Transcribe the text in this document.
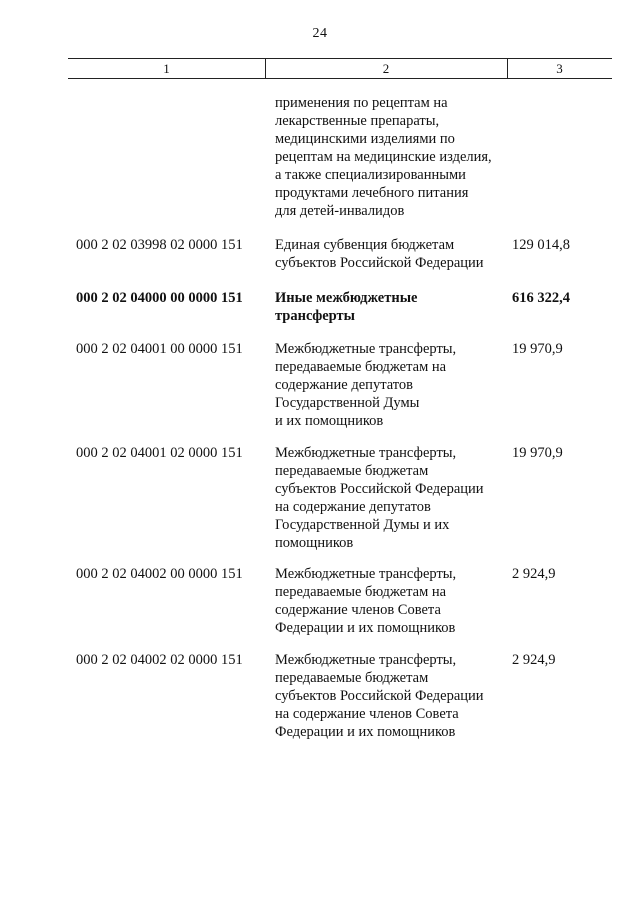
24
1	2	3
применения по рецептам на
лекарственные препараты,
медицинскими изделиями по
рецептам на медицинские изделия,
а также специализированными
продуктами лечебного питания
для детей-инвалидов
000 2 02 03998 02 0000 151	Единая субвенция бюджетам
субъектов Российской Федерации
129 014,8
000 2 02 04000 00 0000 151	Иные межбюджетные
трансферты
616 322,4
000 2 02 04001 00 0000 151	Межбюджетные трансферты,
передаваемые бюджетам на
содержание депутатов
Государственной Думы
и их помощников
19 970,9
000 2 02 04001 02 0000 151	Межбюджетные трансферты,
передаваемые бюджетам
субъектов Российской Федерации
на содержание депутатов
Государственной Думы и их
помощников
19 970,9
000 2 02 04002 00 0000 151	Межбюджетные трансферты,
передаваемые бюджетам на
содержание членов Совета
Федерации и их помощников
2 924,9
000 2 02 04002 02 0000 151	Межбюджетные трансферты,
передаваемые бюджетам
субъектов Российской Федерации
на содержание членов Совета
Федерации и их помощников
2 924,9
